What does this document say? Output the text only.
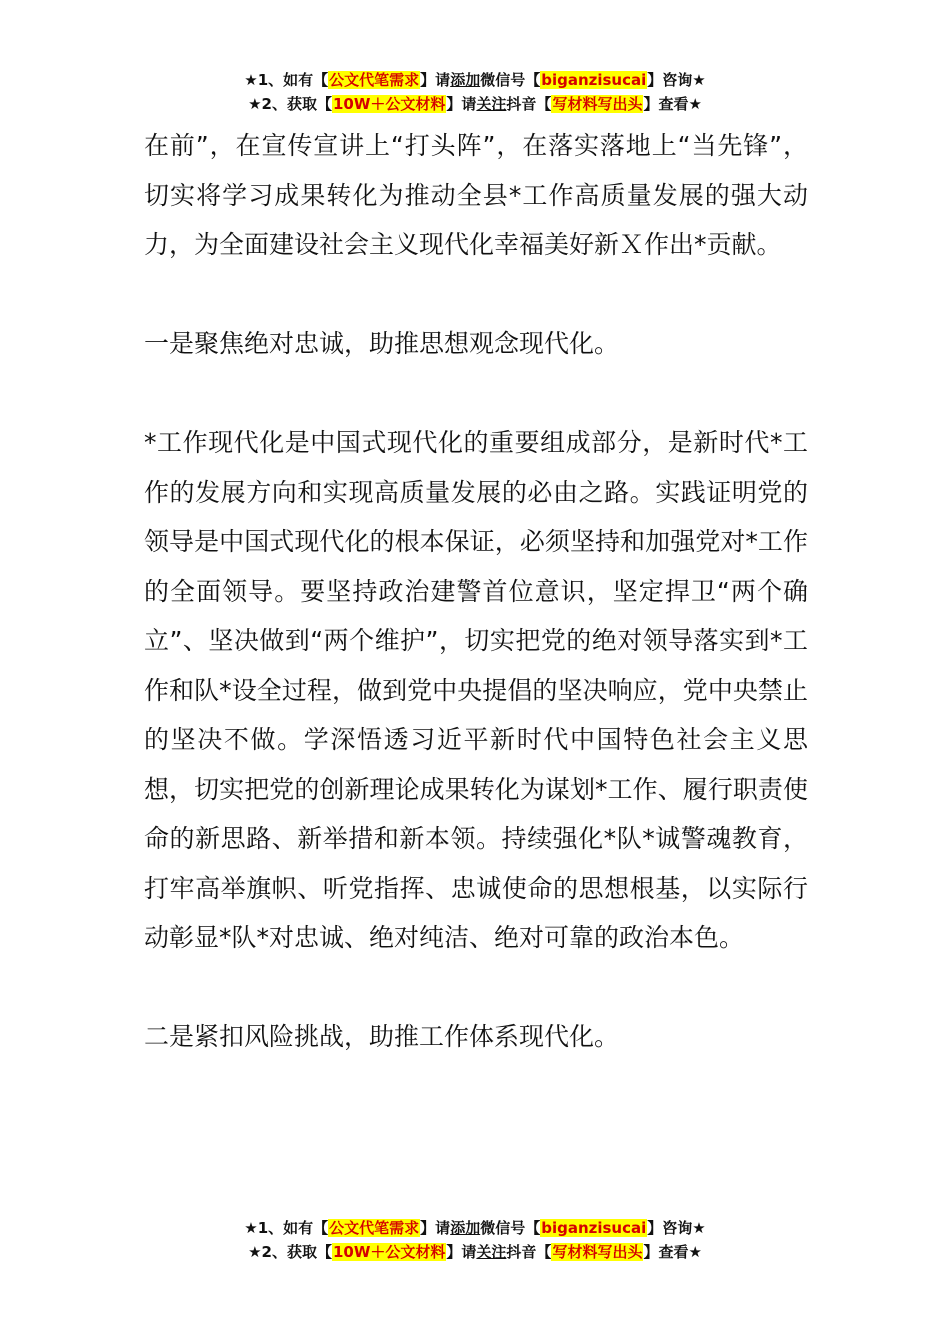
★1、如有【公文代笔需求】请添加微信号【biganzisucai】咨询★
★2、获取【10W＋公文材料】请关注抖音【写材料写出头】查看★

在前”，在宣传宣讲上“打头阵”，在落实落地上“当先锋”，切实将学习成果转化为推动全县*工作高质量发展的强大动力，为全面建设社会主义现代化幸福美好新Ｘ作出*贡献。

一是聚焦绝对忠诚，助推思想观念现代化。

*工作现代化是中国式现代化的重要组成部分，是新时代*工作的发展方向和实现高质量发展的必由之路。实践证明党的领导是中国式现代化的根本保证，必须坚持和加强党对*工作的全面领导。要坚持政治建警首位意识，坚定捍卫“两个确立”、坚决做到“两个维护”，切实把党的绝对领导落实到*工作和队*设全过程，做到党中央提倡的坚决响应，党中央禁止的坚决不做。学深悟透习近平新时代中国特色社会主义思想，切实把党的创新理论成果转化为谋划*工作、履行职责使命的新思路、新举措和新本领。持续强化*队*诚警魂教育，打牢高举旗帜、听党指挥、忠诚使命的思想根基，以实际行动彰显*队*对忠诚、绝对纯洁、绝对可靠的政治本色。

二是紧扣风险挑战，助推工作体系现代化。

★1、如有【公文代笔需求】请添加微信号【biganzisucai】咨询★
★2、获取【10W＋公文材料】请关注抖音【写材料写出头】查看★
